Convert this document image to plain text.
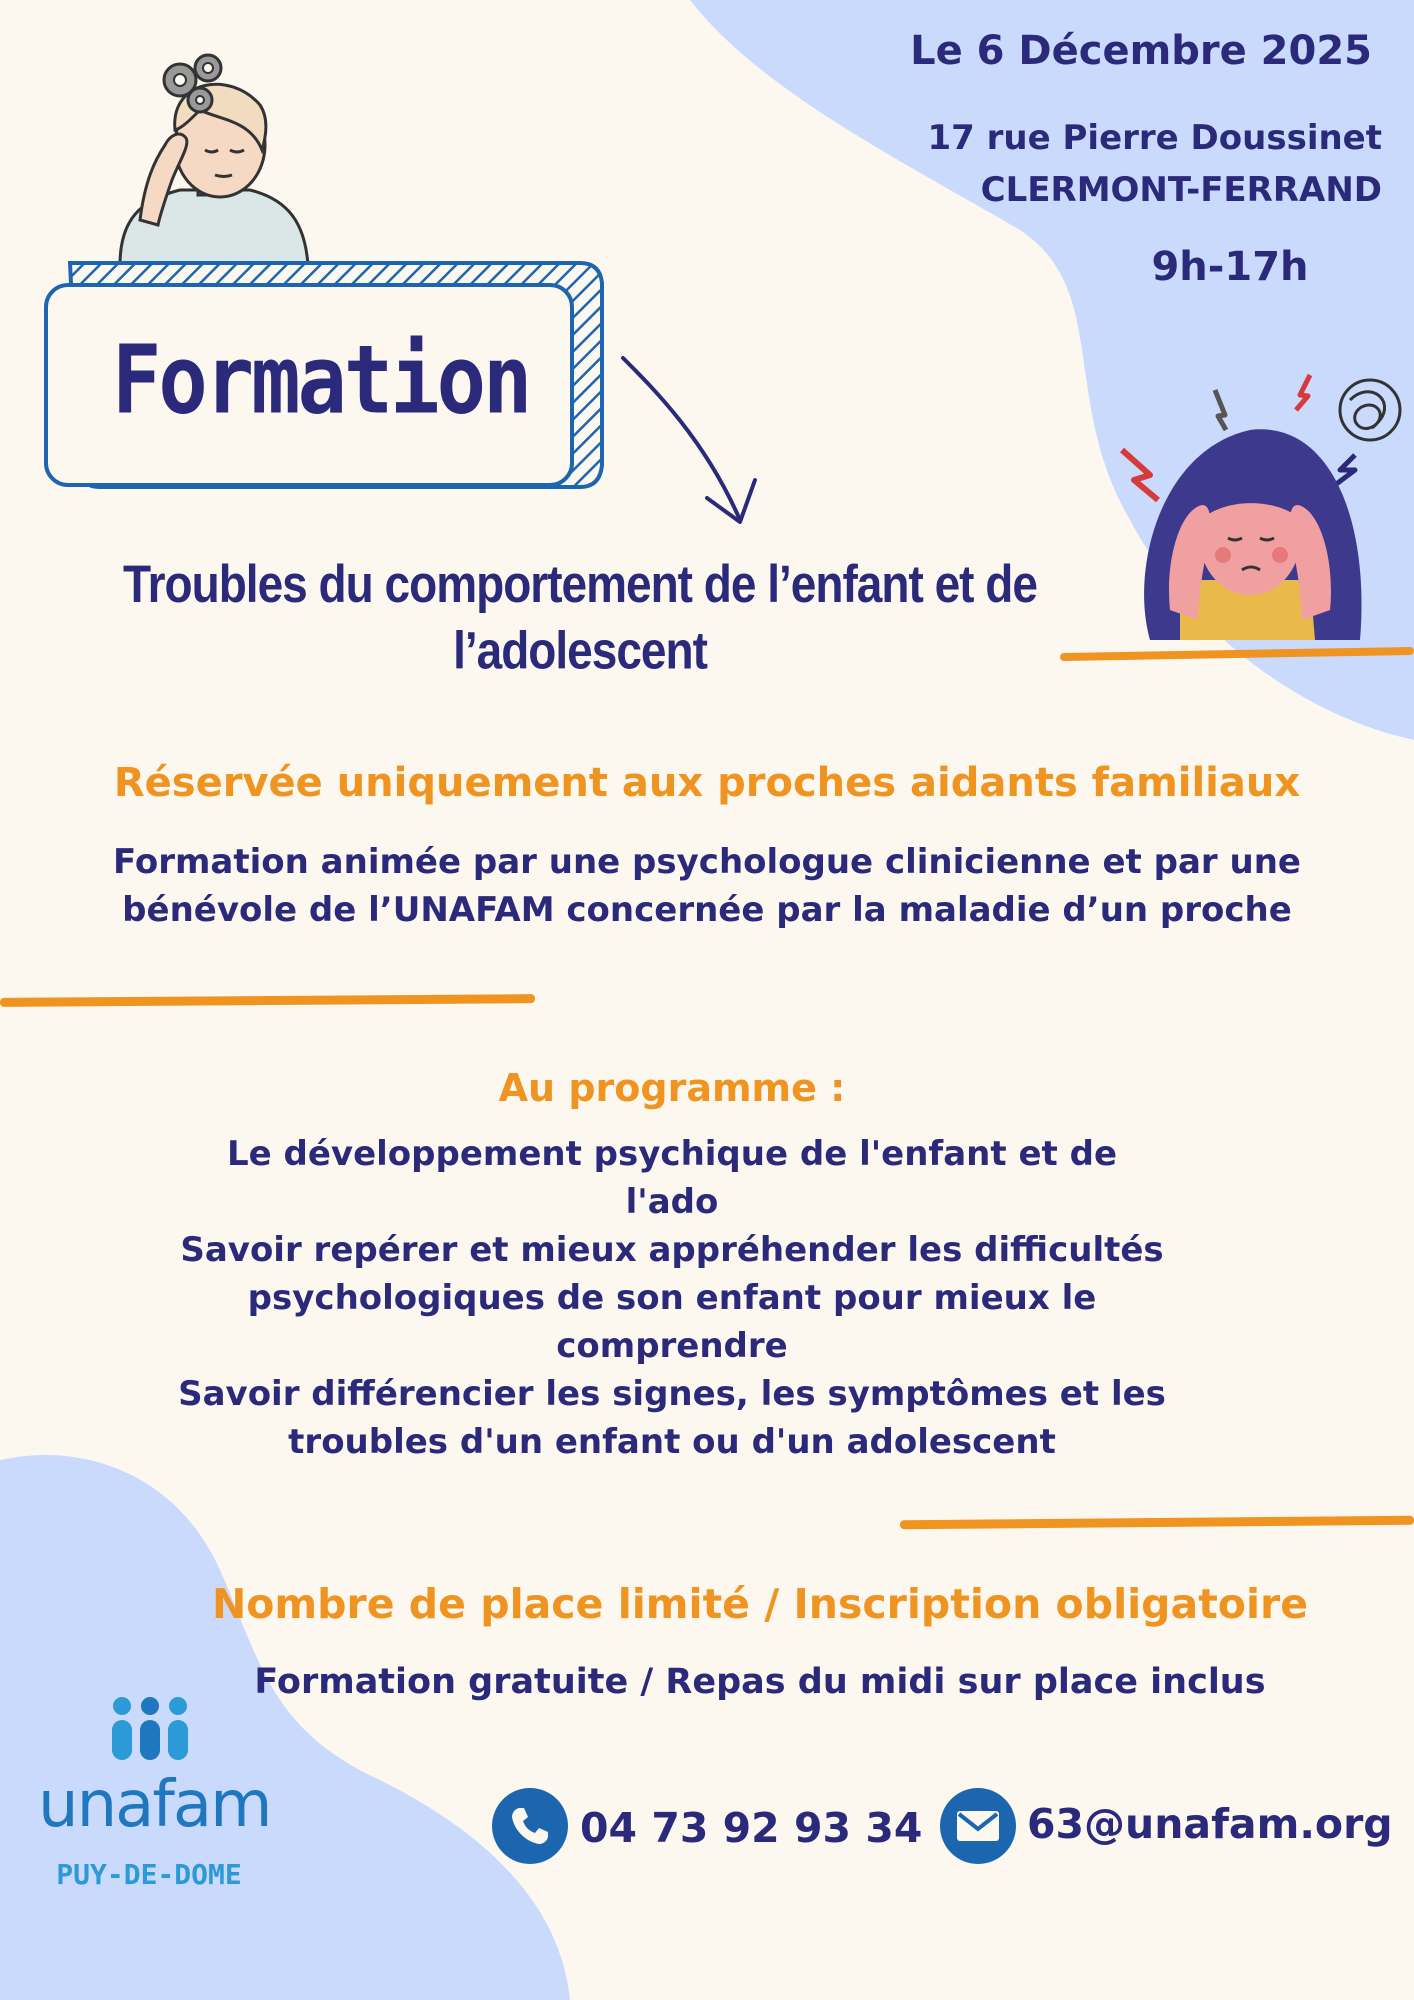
Le 6 Décembre 2025
17 rue Pierre Doussinet
CLERMONT-FERRAND
9h-17h
Formation
Troubles du comportement de l’enfant et de
l’adolescent
Réservée uniquement aux proches aidants familiaux
Formation animée par une psychologue clinicienne et par une
bénévole de l’UNAFAM concernée par la maladie d’un proche
Au programme :
Le développement psychique de l'enfant et de
l'ado
Savoir repérer et mieux appréhender les difficultés
psychologiques de son enfant pour mieux le
comprendre
Savoir différencier les signes, les symptômes et les
troubles d'un enfant ou d'un adolescent
Nombre de place limité / Inscription obligatoire
Formation gratuite / Repas du midi sur place inclus
04 73 92 93 34	63@unafam.org
unafam
PUY-DE-DOME
